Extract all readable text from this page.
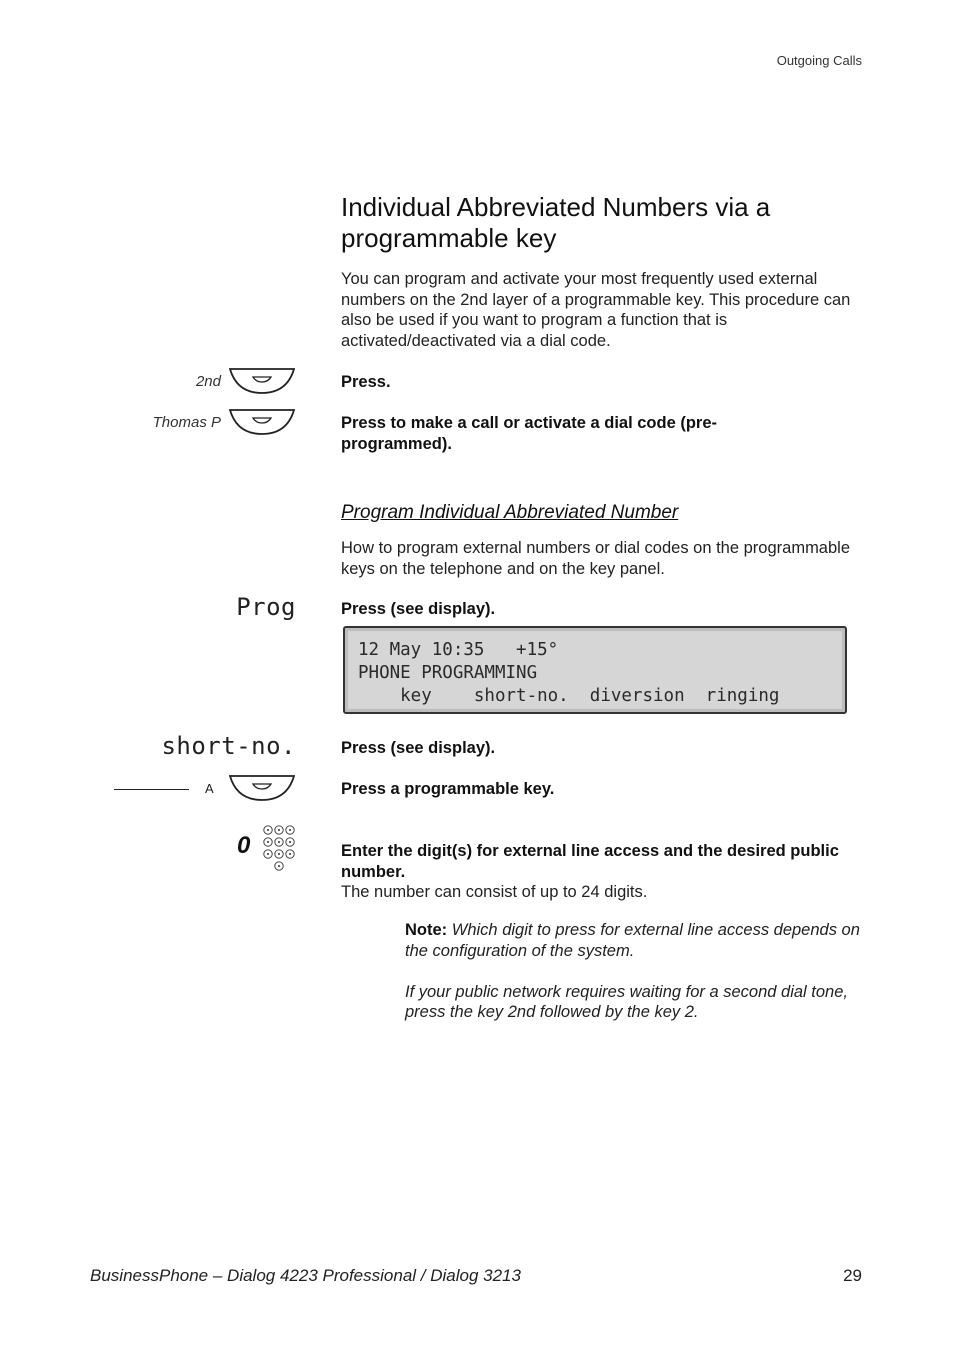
Outgoing Calls
Individual Abbreviated Numbers via a programmable key
You can program and activate your most frequently used external numbers on the 2nd layer of a programmable key. This procedure can also be used if you want to program a function that is activated/deactivated via a dial code.
2nd	Press.
Thomas P	Press to make a call or activate a dial code (pre-programmed).
Program Individual Abbreviated Number
How to program external numbers or dial codes on the programmable keys on the telephone and on the key panel.
Prog	Press (see display).
12 May 10:35   +15°
PHONE PROGRAMMING
key    short-no.  diversion  ringing
short-no.	Press (see display).
A	Press a programmable key.
0	Enter the digit(s) for external line access and the desired public number.
The number can consist of up to 24 digits.
Note: Which digit to press for external line access depends on the configuration of the system.
If your public network requires waiting for a second dial tone, press the key 2nd followed by the key 2.
BusinessPhone – Dialog 4223 Professional / Dialog 3213	29
